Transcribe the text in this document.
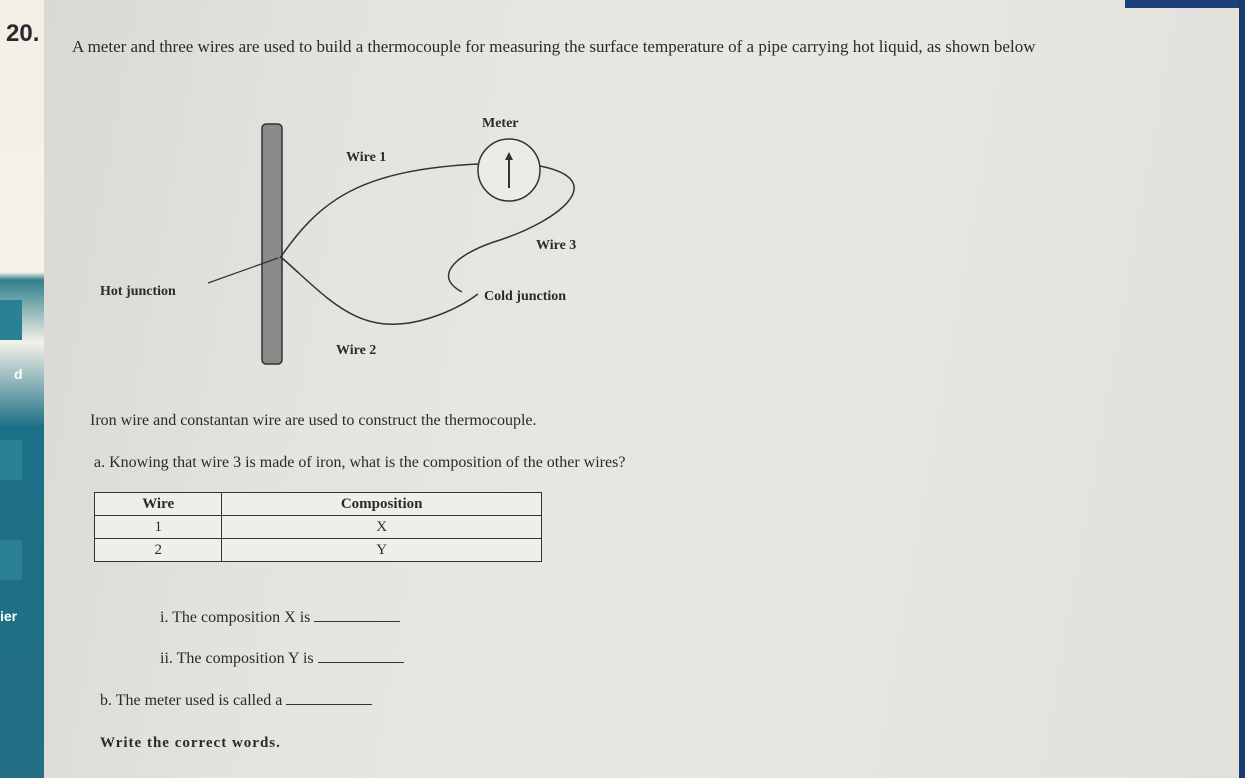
d
ier
20. A meter and three wires are used to build a thermocouple for measuring the surface temperature of a pipe carrying hot liquid, as shown below
Meter
Wire 1
Wire 3
Hot junction	Cold junction
Wire 2
Iron wire and constantan wire are used to construct the thermocouple.
a. Knowing that wire 3 is made of iron, what is the composition of the other wires?
Wire	Composition
1	X
2	Y
i. The composition X is
ii. The composition Y is
b. The meter used is called a
Write the correct words.
